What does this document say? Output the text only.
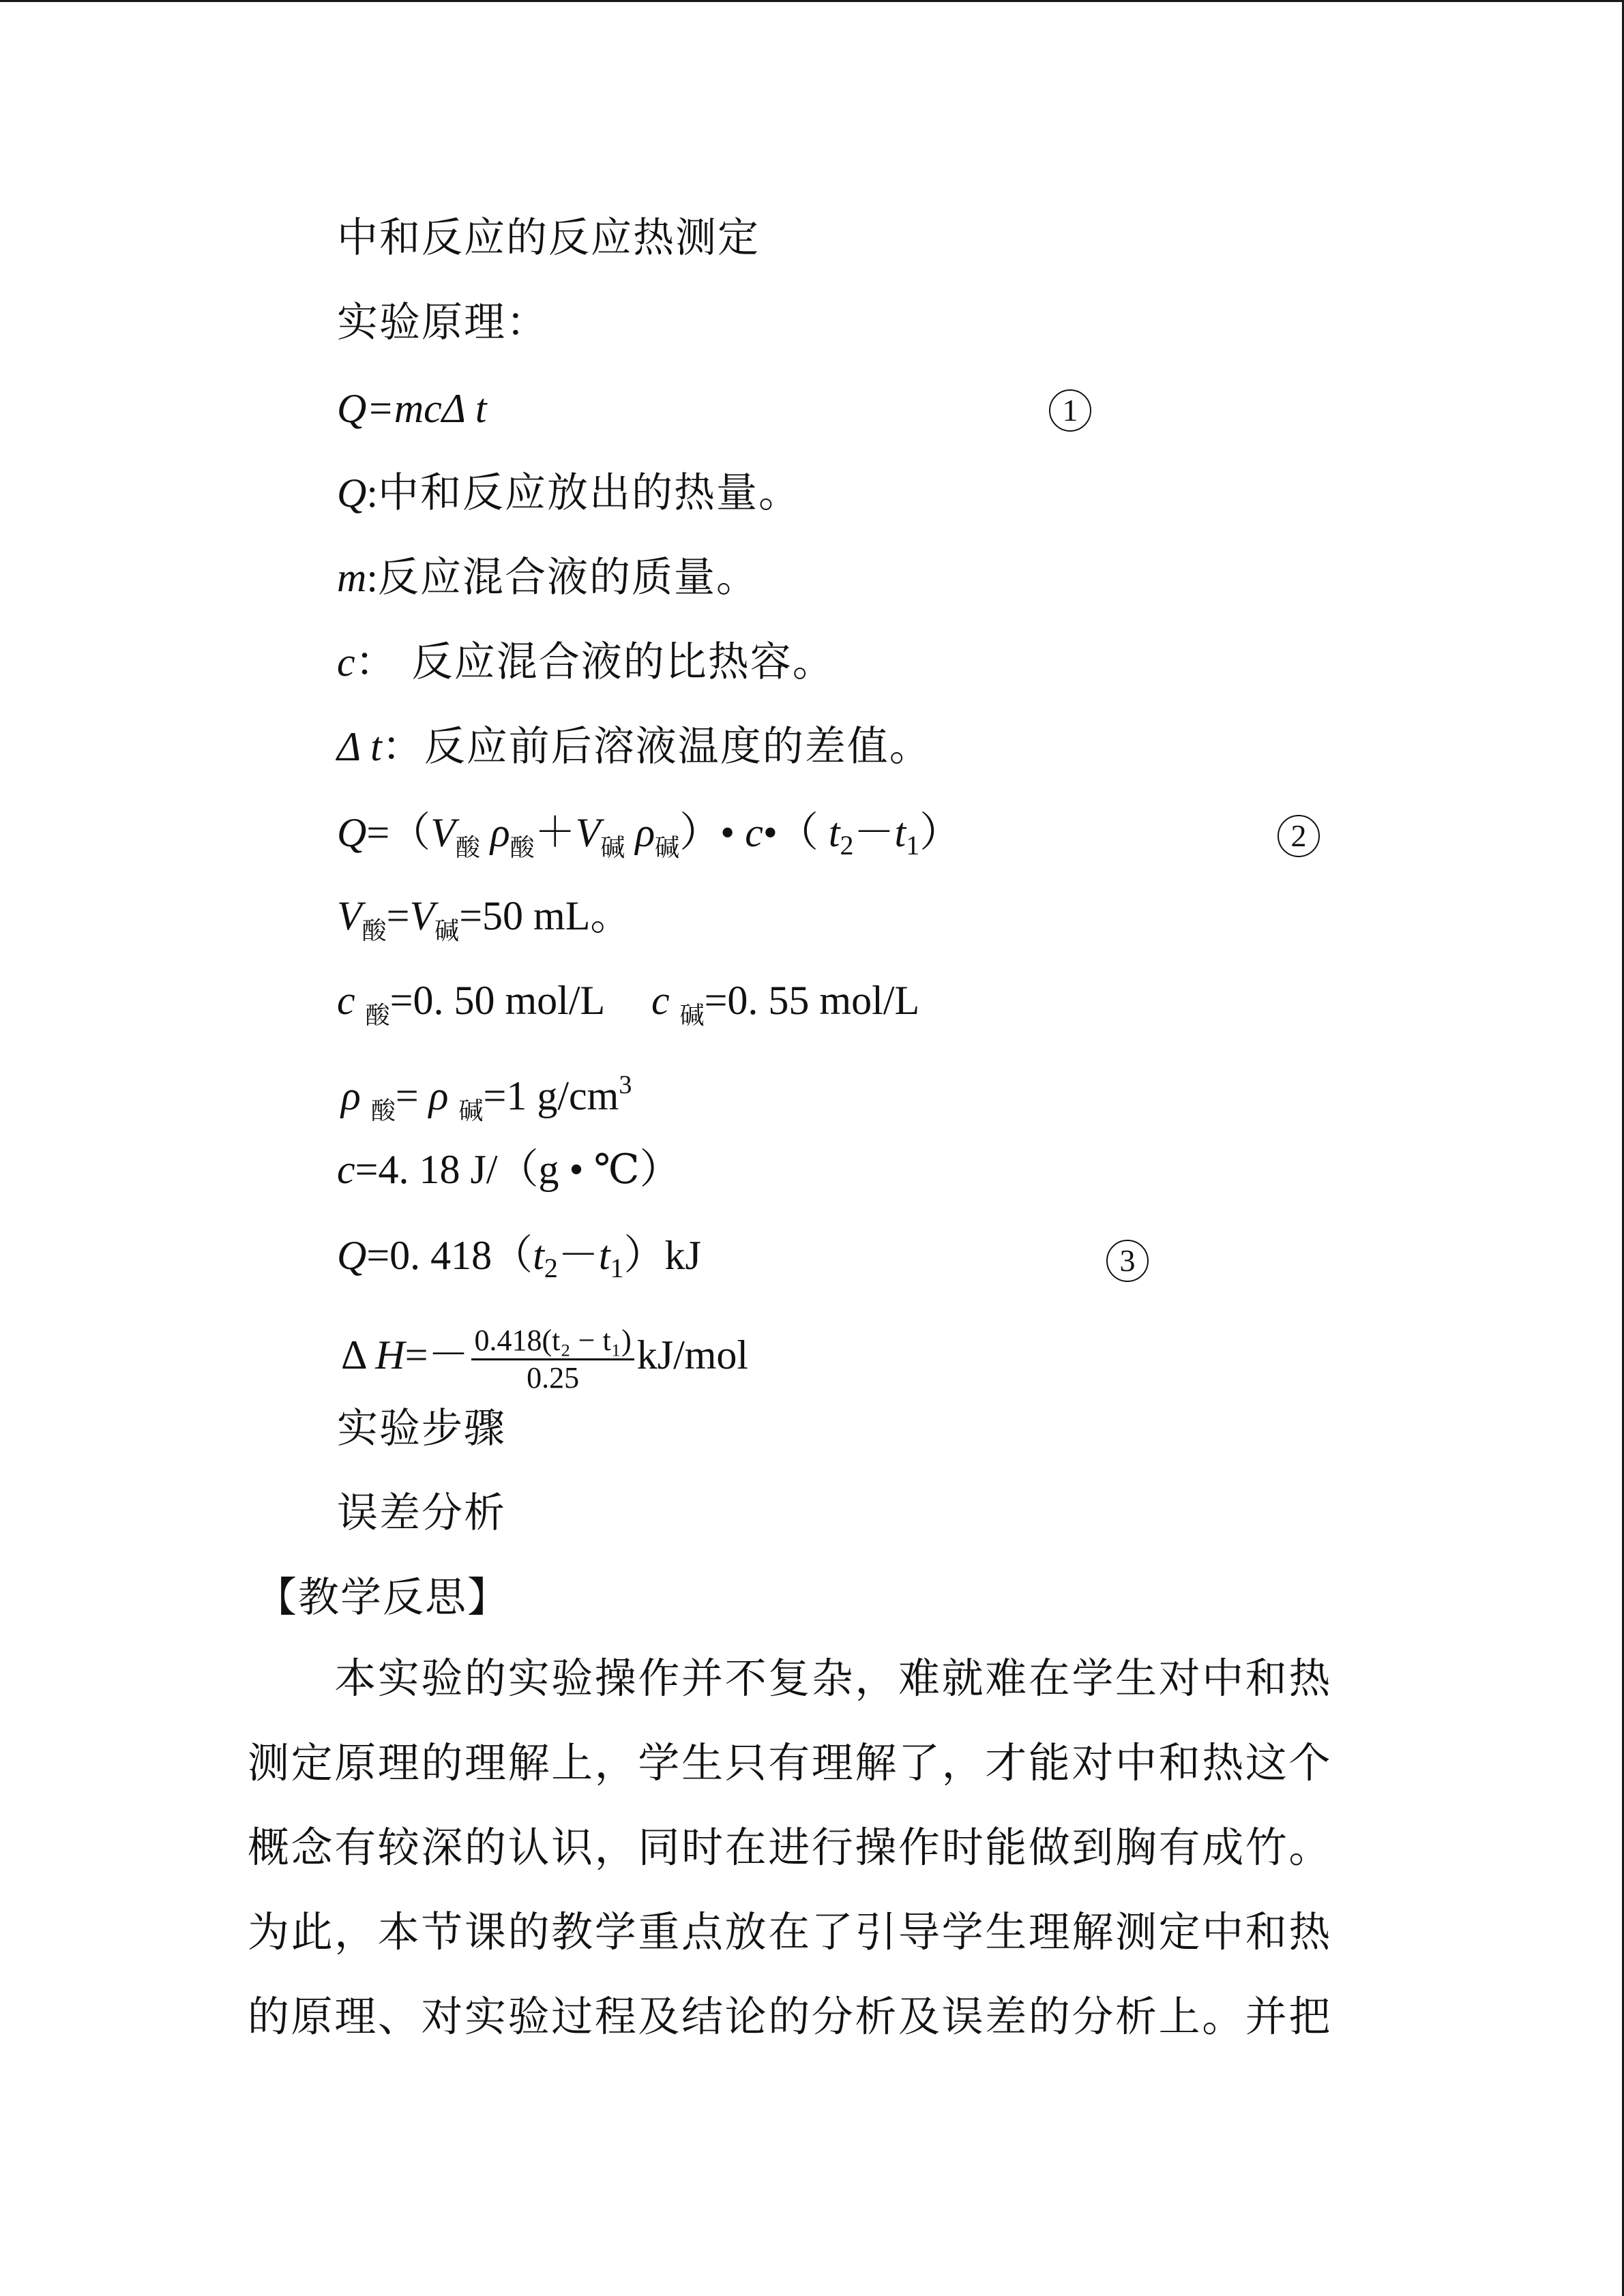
中和反应的反应热测定
实验原理：
Q=mcΔ t	1
Q:中和反应放出的热量。
m:反应混合液的质量。
c： 反应混合液的比热容。
Δ t：反应前后溶液温度的差值。
$Q=(V_酸$ $\rho_酸+V_碱$ $\rho_碱)•$ c•（ $t_2-t_1$）	2
$V_酸=V_碱=50$ mL。
c $_酸$=0. 50 mol/L c $_碱$=0. 55 mol/L
ρ $_酸$= ρ $_碱$=1 $g/cm^3$
c=4. 18 J/（g • ℃）
Q=0. $418(t_2-t_1)kJ$	3
Δ $H=- \frac{\text{0.418(t₂ − t₁)}}{0.25} kJ/mol$
实验步骤
误差分析
【教学反思】
　　本实验的实验操作并不复杂，难就难在学生对中和热
测定原理的理解上，学生只有理解了，才能对中和热这个
概念有较深的认识，同时在进行操作时能做到胸有成竹。
为此，本节课的教学重点放在了引导学生理解测定中和热
的原理、对实验过程及结论的分析及误差的分析上。并把
